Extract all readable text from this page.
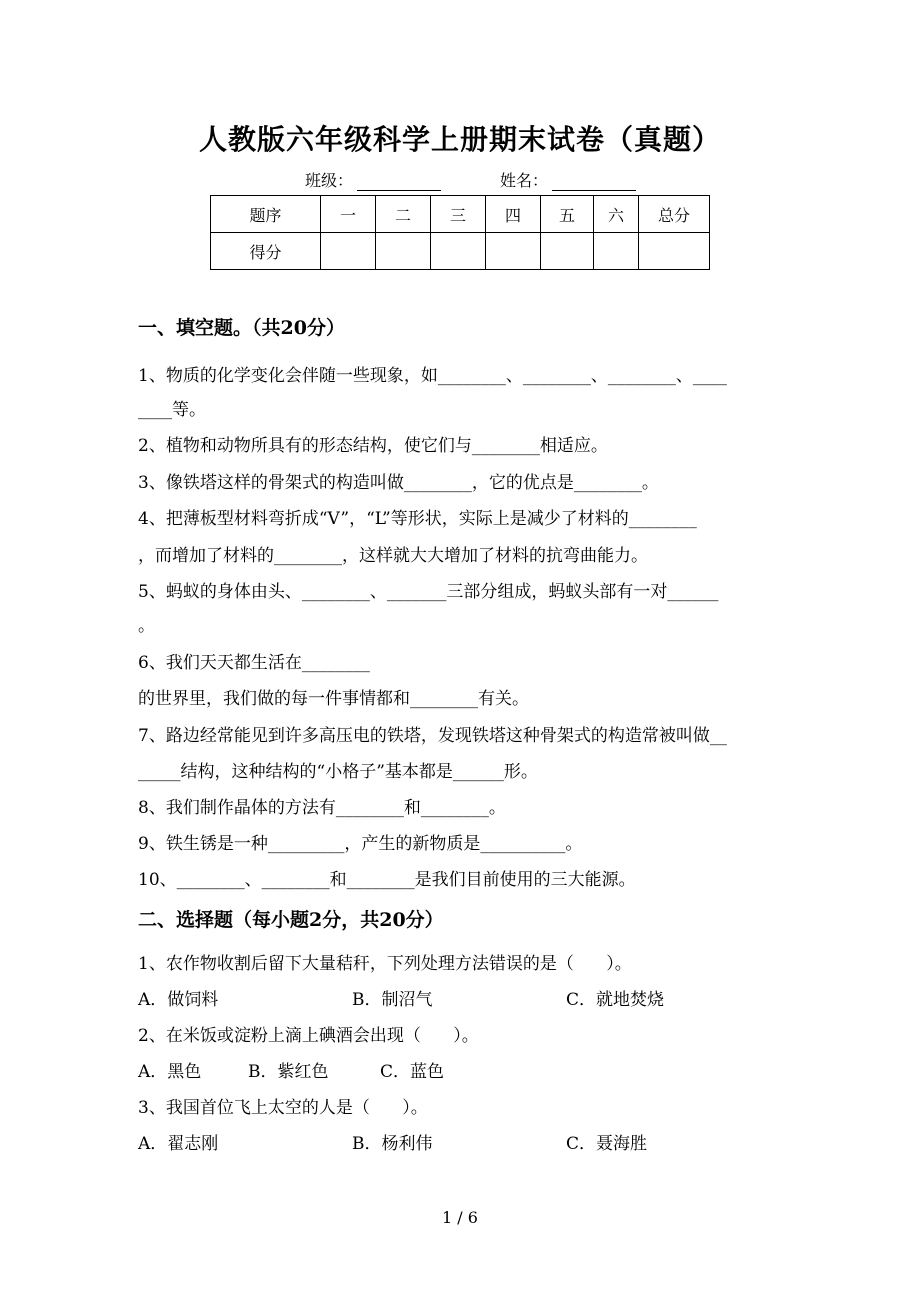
人教版六年级科学上册期末试卷（真题）
班级：	姓名：
题序	一	二	三	四	五	六	总分
得分							
一、填空题。（共20分）
1、物质的化学变化会伴随一些现象，如________、________、________、____
____等。
2、植物和动物所具有的形态结构，使它们与________相适应。
3、像铁塔这样的骨架式的构造叫做________，它的优点是________。
4、把薄板型材料弯折成“V”，“L”等形状，实际上是减少了材料的________
，而增加了材料的________，这样就大大增加了材料的抗弯曲能力。
5、蚂蚁的身体由头、________、_______三部分组成，蚂蚁头部有一对______
。
6、我们天天都生活在________
的世界里，我们做的每一件事情都和________有关。
7、路边经常能见到许多高压电的铁塔，发现铁塔这种骨架式的构造常被叫做__
_____结构，这种结构的“小格子”基本都是______形。
8、我们制作晶体的方法有________和________。
9、铁生锈是一种_________，产生的新物质是__________。
10、________、________和________是我们目前使用的三大能源。
二、选择题（每小题2分，共20分）
1、农作物收割后留下大量秸秆，下列处理方法错误的是（      ）。
A．做饲料	B．制沼气	C．就地焚烧
2、在米饭或淀粉上滴上碘酒会出现（      ）。
A．黑色	B．紫红色	C．蓝色
3、我国首位飞上太空的人是（      ）。
A．翟志刚	B．杨利伟	C．聂海胜
1 / 6
